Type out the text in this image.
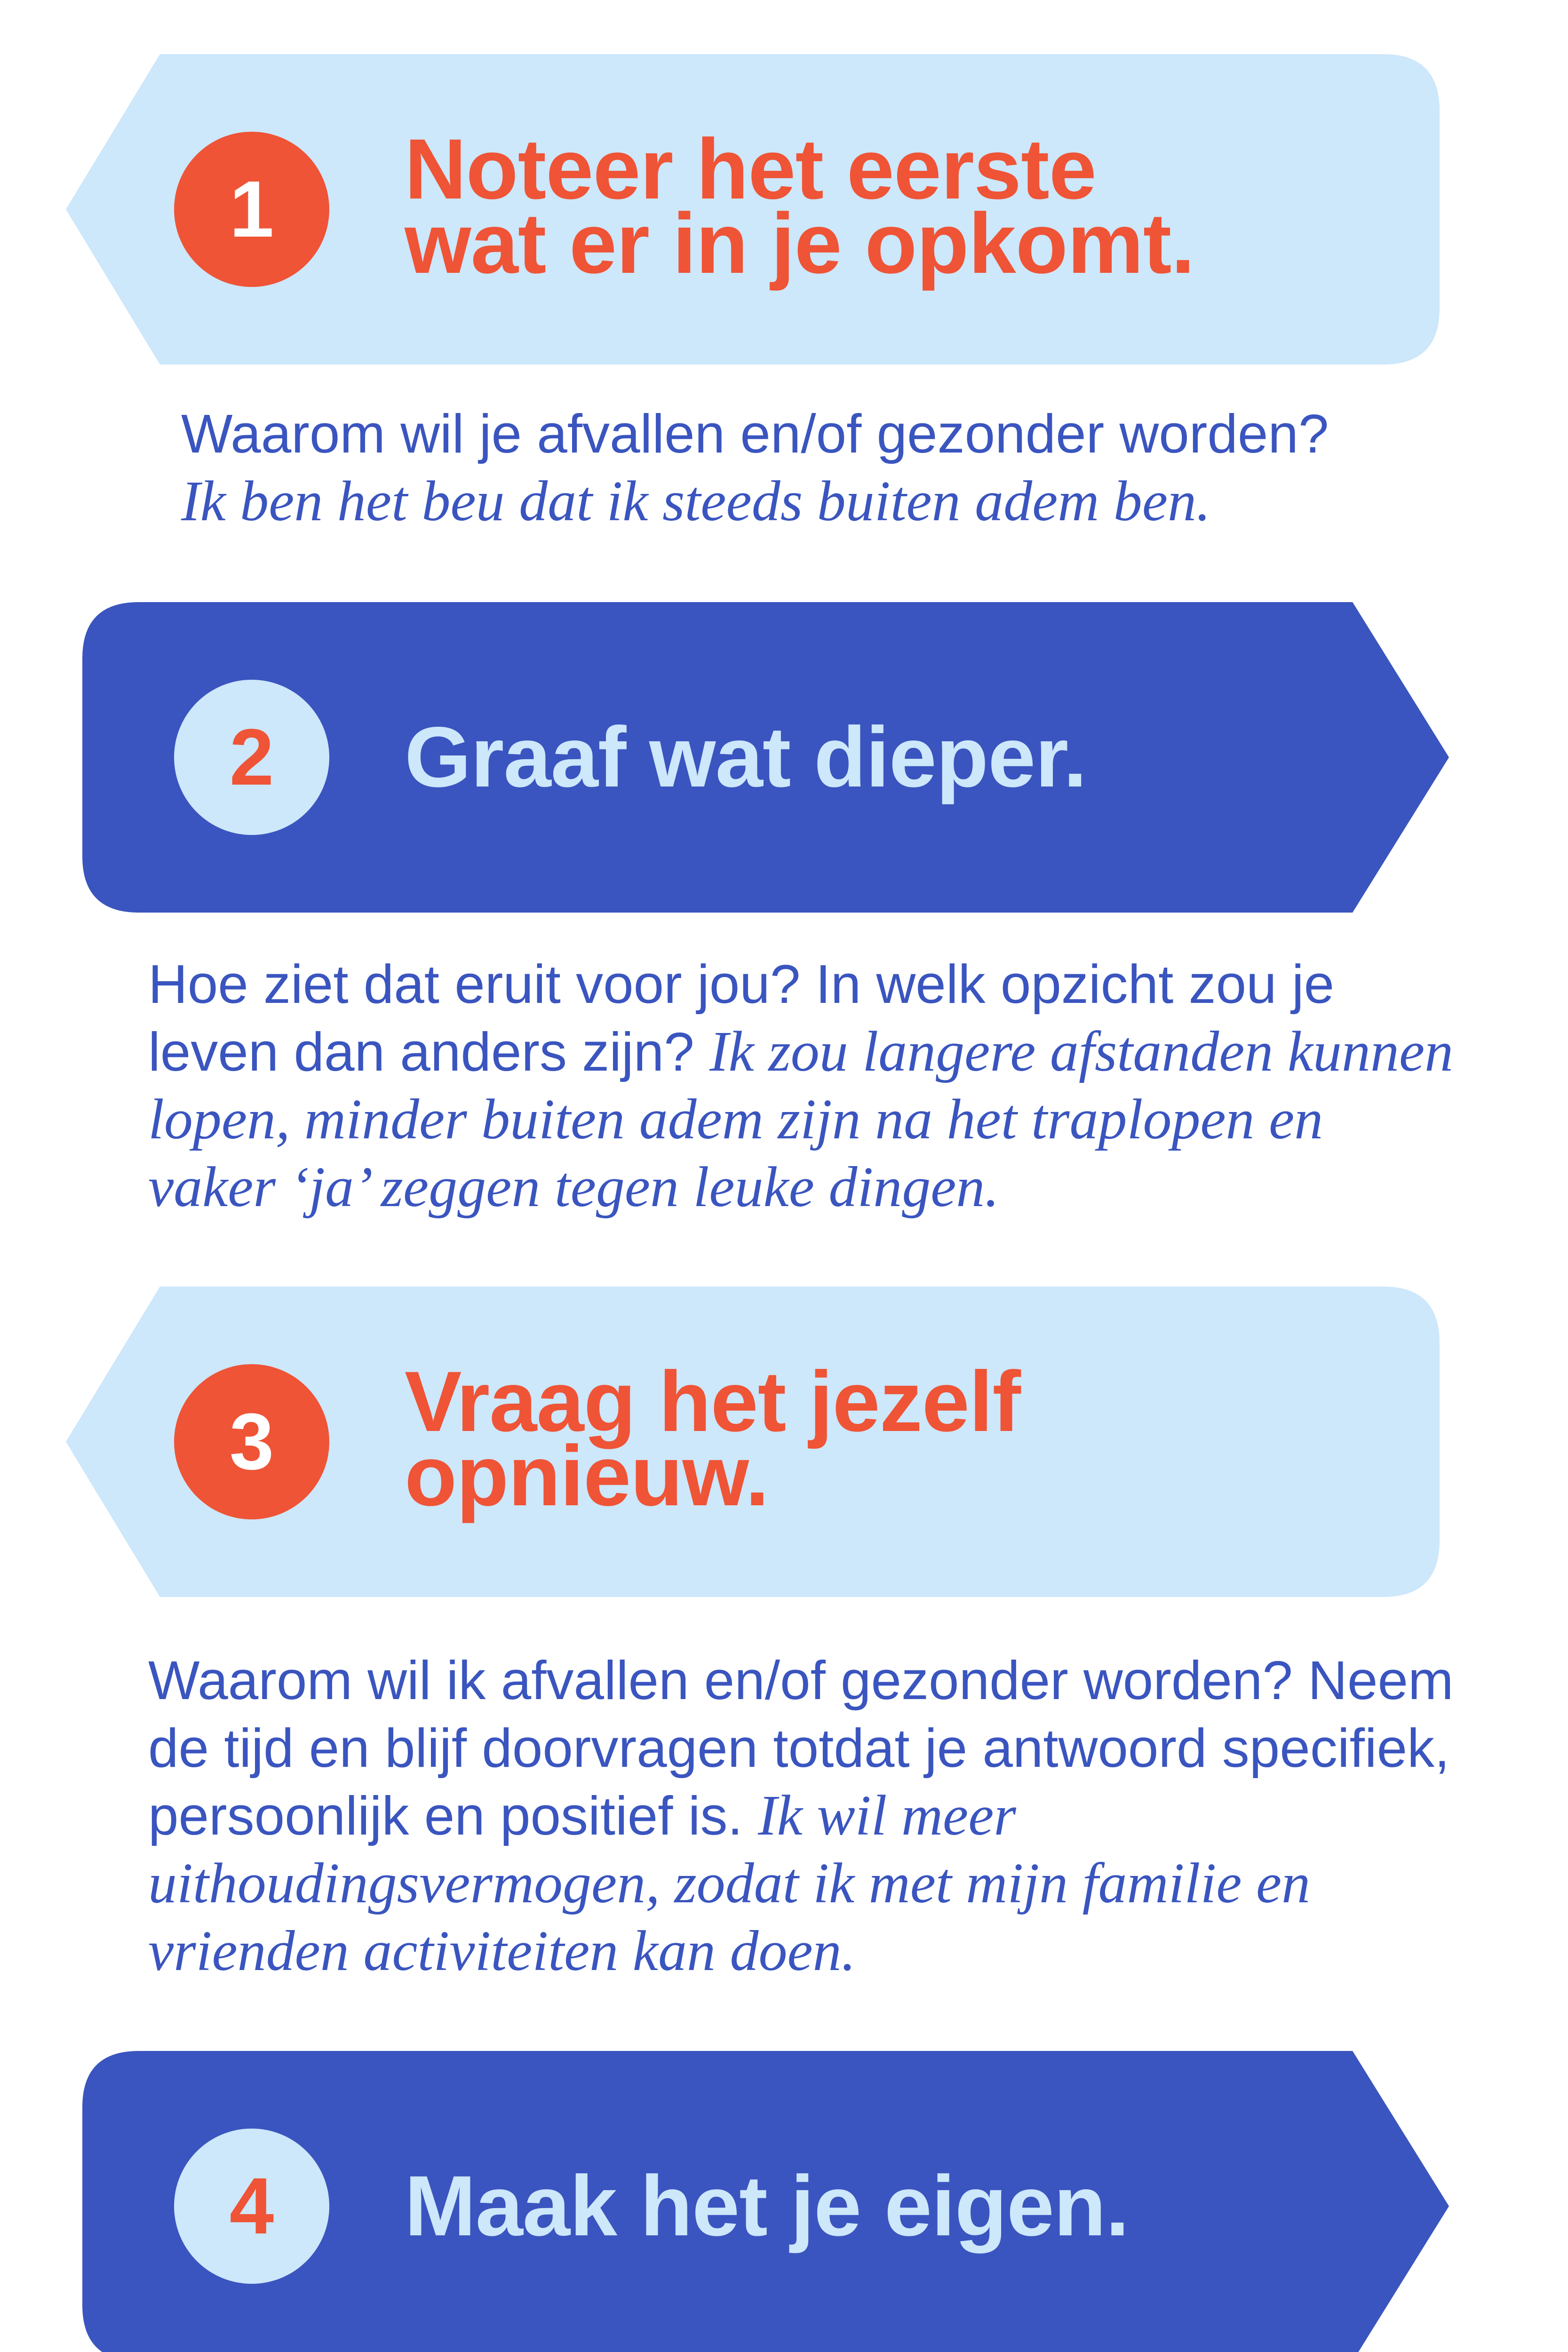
1 Noteer het eerste
wat er in je opkomt.
Waarom wil je afvallen en/of gezonder worden?
Ik ben het beu dat ik steeds buiten adem ben.
2 Graaf wat dieper.
Hoe ziet dat eruit voor jou? In welk opzicht zou je leven dan anders zijn? Ik zou langere afstanden kunnen lopen, minder buiten adem zijn na het traplopen en vaker ‘ja’ zeggen tegen leuke dingen.
3 Vraag het jezelf
opnieuw.
Waarom wil ik afvallen en/of gezonder worden? Neem de tijd en blijf doorvragen totdat je antwoord specifiek, persoonlijk en positief is. Ik wil meer uithoudingsvermogen, zodat ik met mijn familie en vrienden activiteiten kan doen.
4 Maak het je eigen.
